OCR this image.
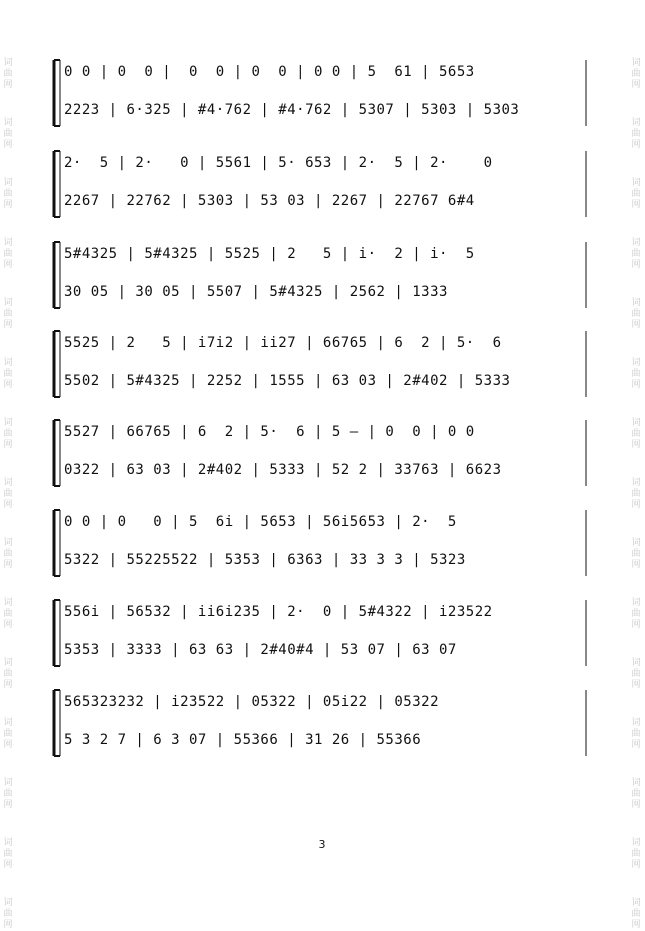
词
曲
网
词
曲
网
词
曲
网
词
曲
网
词
曲
网
词
曲
网
词
曲
网
词
曲
网
词
曲
网
词
曲
网
词
曲
网
词
曲
网
词
曲
网
词
曲
网
词
曲
网
词
曲
网
词
曲
网
词
曲
网
词
曲
网
词
曲
网
词
曲
网
词
曲
网
词
曲
网
词
曲
网
词
曲
网
词
曲
网
词
曲
网
词
曲
网
词
曲
网
词
曲
网
0 0 | 0  0 |  0  0 | 0  0 | 0 0 | 5  61 | 5653
2223 | 6·325 | #4·762 | #4·762 | 5307 | 5303 | 5303
2·  5 | 2·   0 | 5561 | 5· 653 | 2·  5 | 2·    0
2267 | 22762 | 5303 | 53 03 | 2267 | 22767 6#4
5#4325 | 5#4325 | 5525 | 2   5 | i·  2 | i·  5
30 05 | 30 05 | 5507 | 5#4325 | 2562 | 1333
5525 | 2   5 | i7i2 | ii27 | 66765 | 6  2 | 5·  6
5502 | 5#4325 | 2252 | 1555 | 63 03 | 2#402 | 5333
5527 | 66765 | 6  2 | 5·  6 | 5 — | 0  0 | 0 0
0322 | 63 03 | 2#402 | 5333 | 52 2 | 33763 | 6623
0 0 | 0   0 | 5  6i | 5653 | 56i5653 | 2·  5
5322 | 55225522 | 5353 | 6363 | 33 3 3 | 5323
556i | 56532 | ii6i235 | 2·  0 | 5#4322 | i23522
5353 | 3333 | 63 63 | 2#40#4 | 53 07 | 63 07
565323232 | i23522 | 05322 | 05i22 | 05322
5 3 2 7 | 6 3 07 | 55366 | 31 26 | 55366
3
